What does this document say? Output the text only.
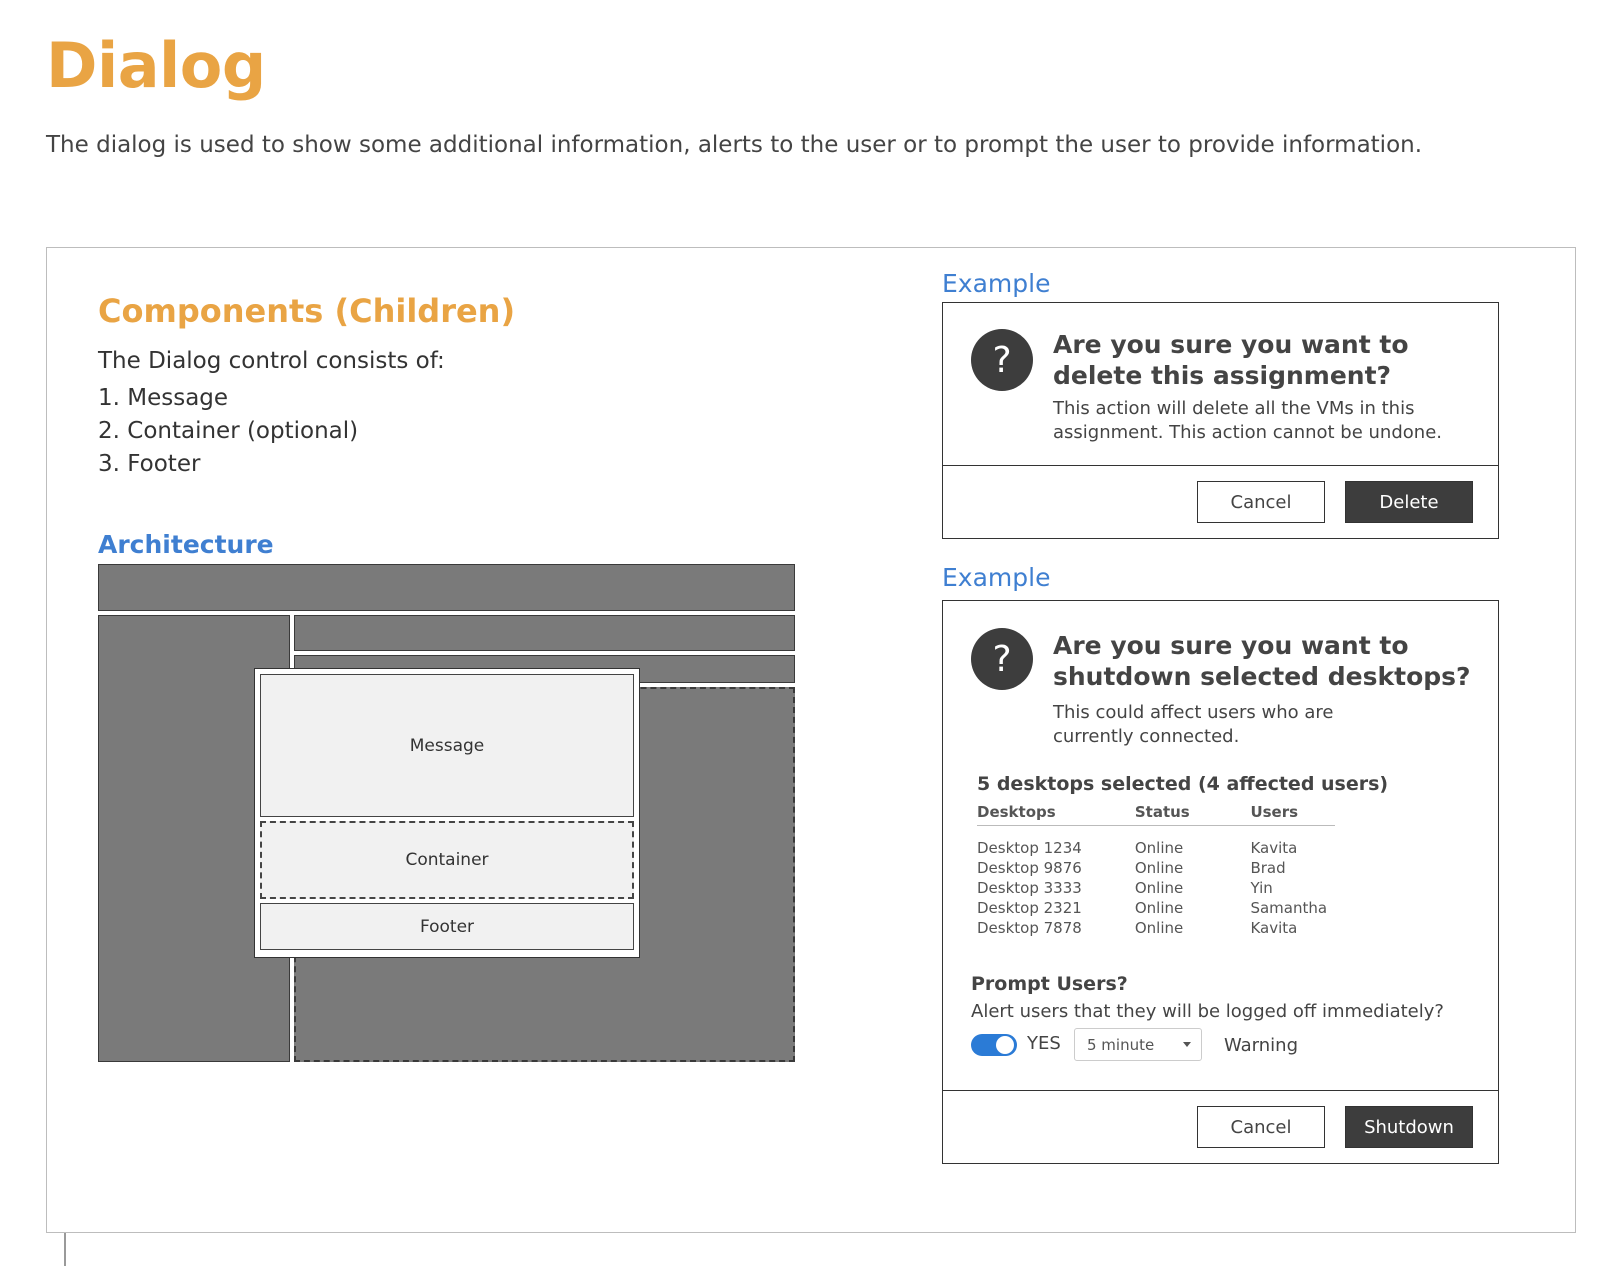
Dialog

The dialog is used to show some additional information, alerts to the user or to prompt the user to provide information.

Components (Children)

The Dialog control consists of:

1. Message
2. Container (optional)
3. Footer
Architecture
Message
Container
Footer
Example
?	Are you sure you want to delete this assignment?
This action will delete all the VMs in this assignment. This action cannot be undone.
Cancel	Delete
Example
?	Are you sure you want to shutdown selected desktops?
This could affect users who are currently connected.
5 desktops selected (4 affected users)
Desktops	Status	Users
Desktop 1234	Online	Kavita
Desktop 9876	Online	Brad
Desktop 3333	Online	Yin
Desktop 2321	Online	Samantha
Desktop 7878	Online	Kavita
Prompt Users?
Alert users that they will be logged off immediately?
YES 5 minute	Warning
Cancel	Shutdown
